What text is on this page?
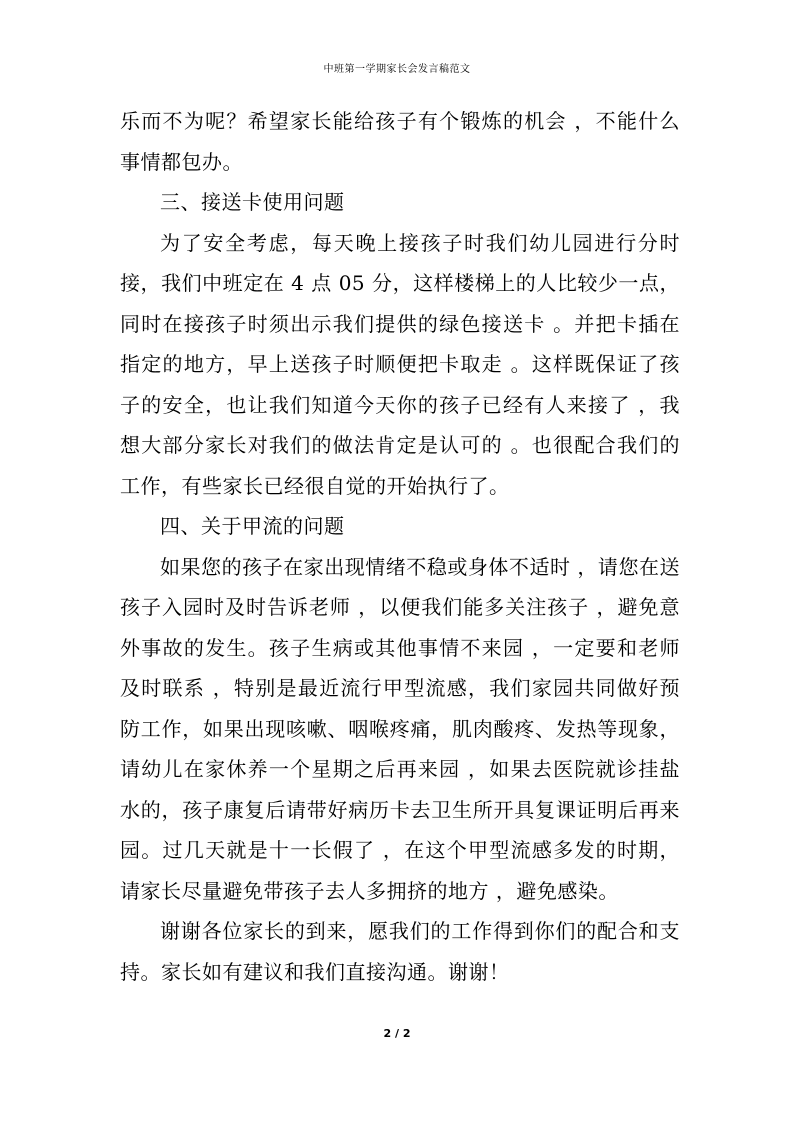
中班第一学期家长会发言稿范文

乐而不为呢？希望家长能给孩子有个锻炼的机会 ，不能什么事情都包办。

三、接送卡使用问题

为了安全考虑，每天晚上接孩子时我们幼儿园进行分时接，我们中班定在 4 点 05 分，这样楼梯上的人比较少一点，同时在接孩子时须出示我们提供的绿色接送卡 。并把卡插在指定的地方，早上送孩子时顺便把卡取走 。这样既保证了孩子的安全，也让我们知道今天你的孩子已经有人来接了 ，我想大部分家长对我们的做法肯定是认可的 。也很配合我们的工作，有些家长已经很自觉的开始执行了。

四、关于甲流的问题

如果您的孩子在家出现情绪不稳或身体不适时 ，请您在送孩子入园时及时告诉老师 ，以便我们能多关注孩子 ，避免意外事故的发生。孩子生病或其他事情不来园 ，一定要和老师及时联系 ，特别是最近流行甲型流感，我们家园共同做好预防工作，如果出现咳嗽、咽喉疼痛，肌肉酸疼、发热等现象，请幼儿在家休养一个星期之后再来园 ，如果去医院就诊挂盐水的，孩子康复后请带好病历卡去卫生所开具复课证明后再来园。过几天就是十一长假了 ，在这个甲型流感多发的时期，请家长尽量避免带孩子去人多拥挤的地方 ，避免感染。

谢谢各位家长的到来，愿我们的工作得到你们的配合和支持。家长如有建议和我们直接沟通。谢谢！

2 / 2
